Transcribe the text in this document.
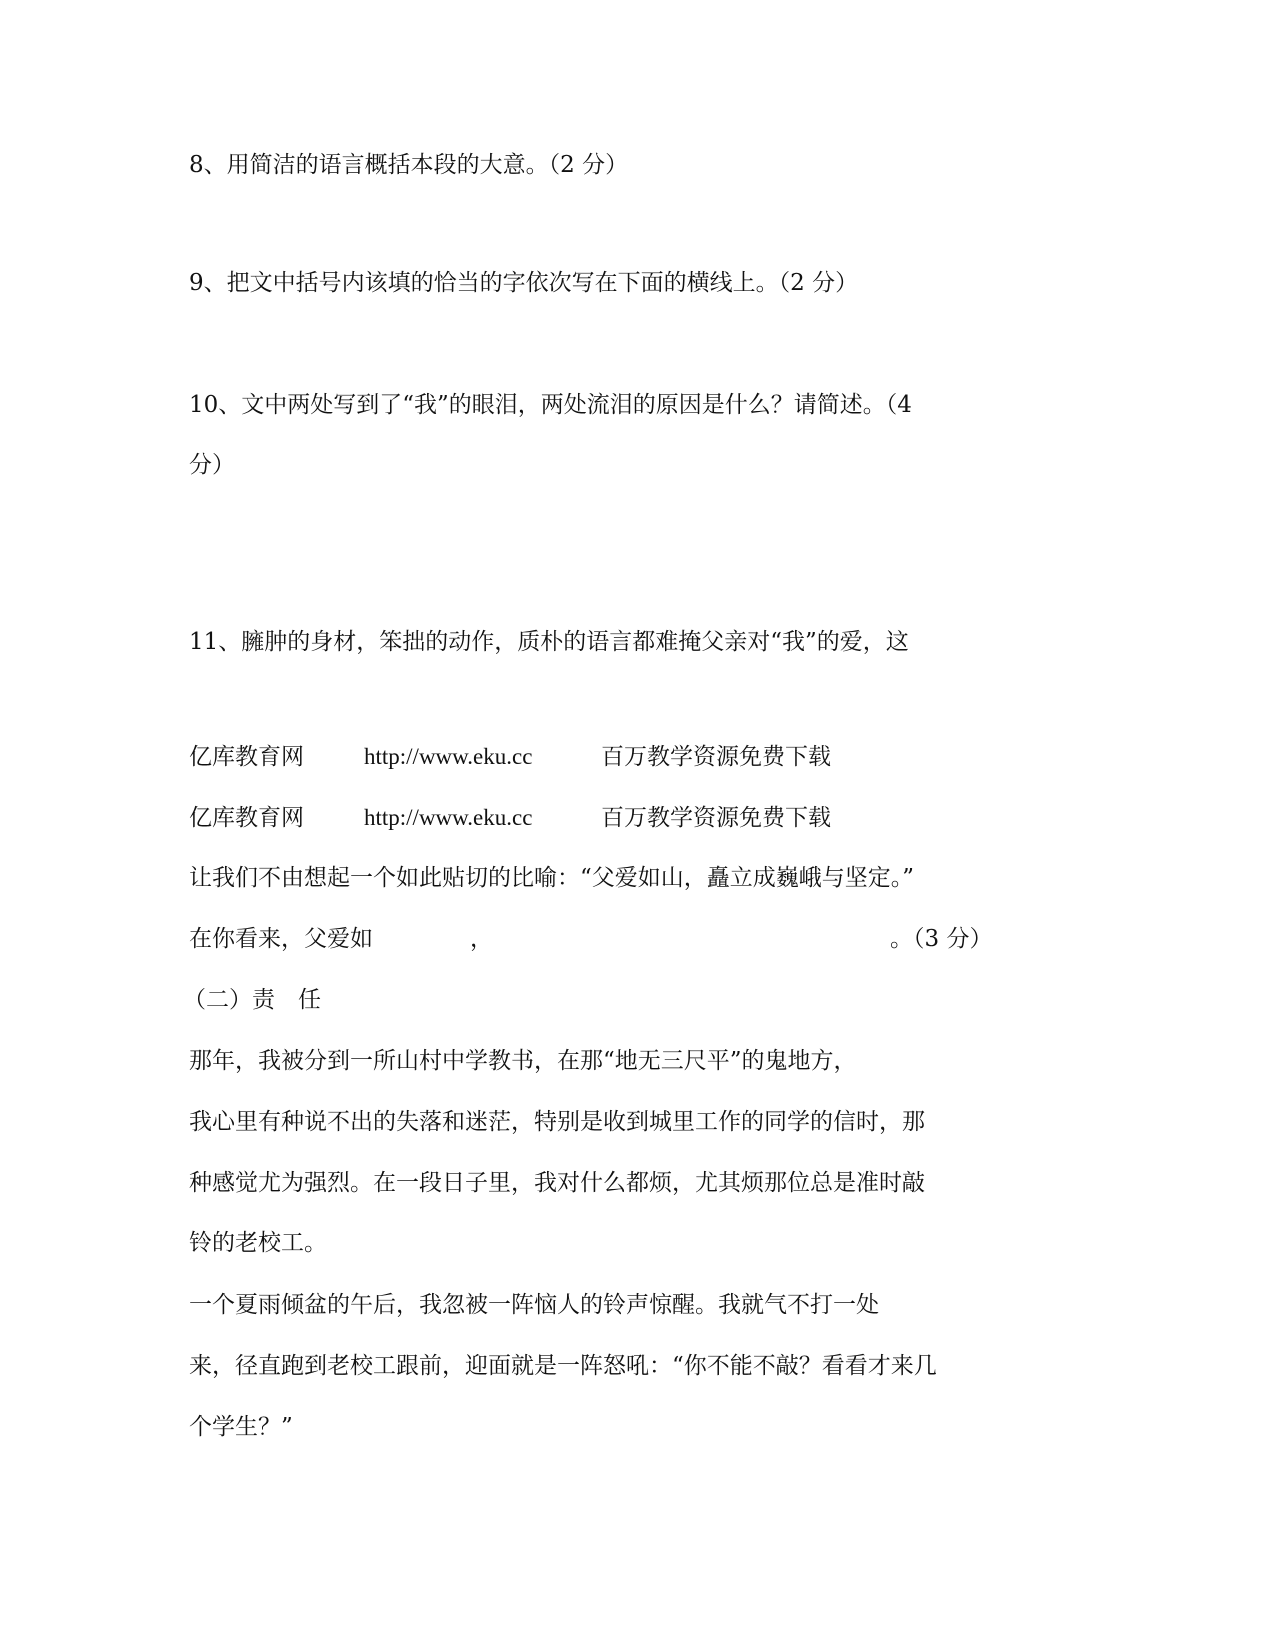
8、用简洁的语言概括本段的大意。（2 分）

9、把文中括号内该填的恰当的字依次写在下面的横线上。（2 分）

10、文中两处写到了“我”的眼泪，两处流泪的原因是什么？请简述。（4

分）

11、臃肿的身材，笨拙的动作，质朴的语言都难掩父亲对“我”的爱，这

亿库教育网	http://www.eku.cc	百万教学资源免费下载

亿库教育网	http://www.eku.cc	百万教学资源免费下载

让我们不由想起一个如此贴切的比喻：“父爱如山，矗立成巍峨与坚定。”

在你看来，父爱如	，	。（3 分）

（二）责　任

那年，我被分到一所山村中学教书，在那“地无三尺平”的鬼地方，

我心里有种说不出的失落和迷茫，特别是收到城里工作的同学的信时，那

种感觉尤为强烈。在一段日子里，我对什么都烦，尤其烦那位总是准时敲

铃的老校工。

一个夏雨倾盆的午后，我忽被一阵恼人的铃声惊醒。我就气不打一处

来，径直跑到老校工跟前，迎面就是一阵怒吼：“你不能不敲？看看才来几

个学生？”
